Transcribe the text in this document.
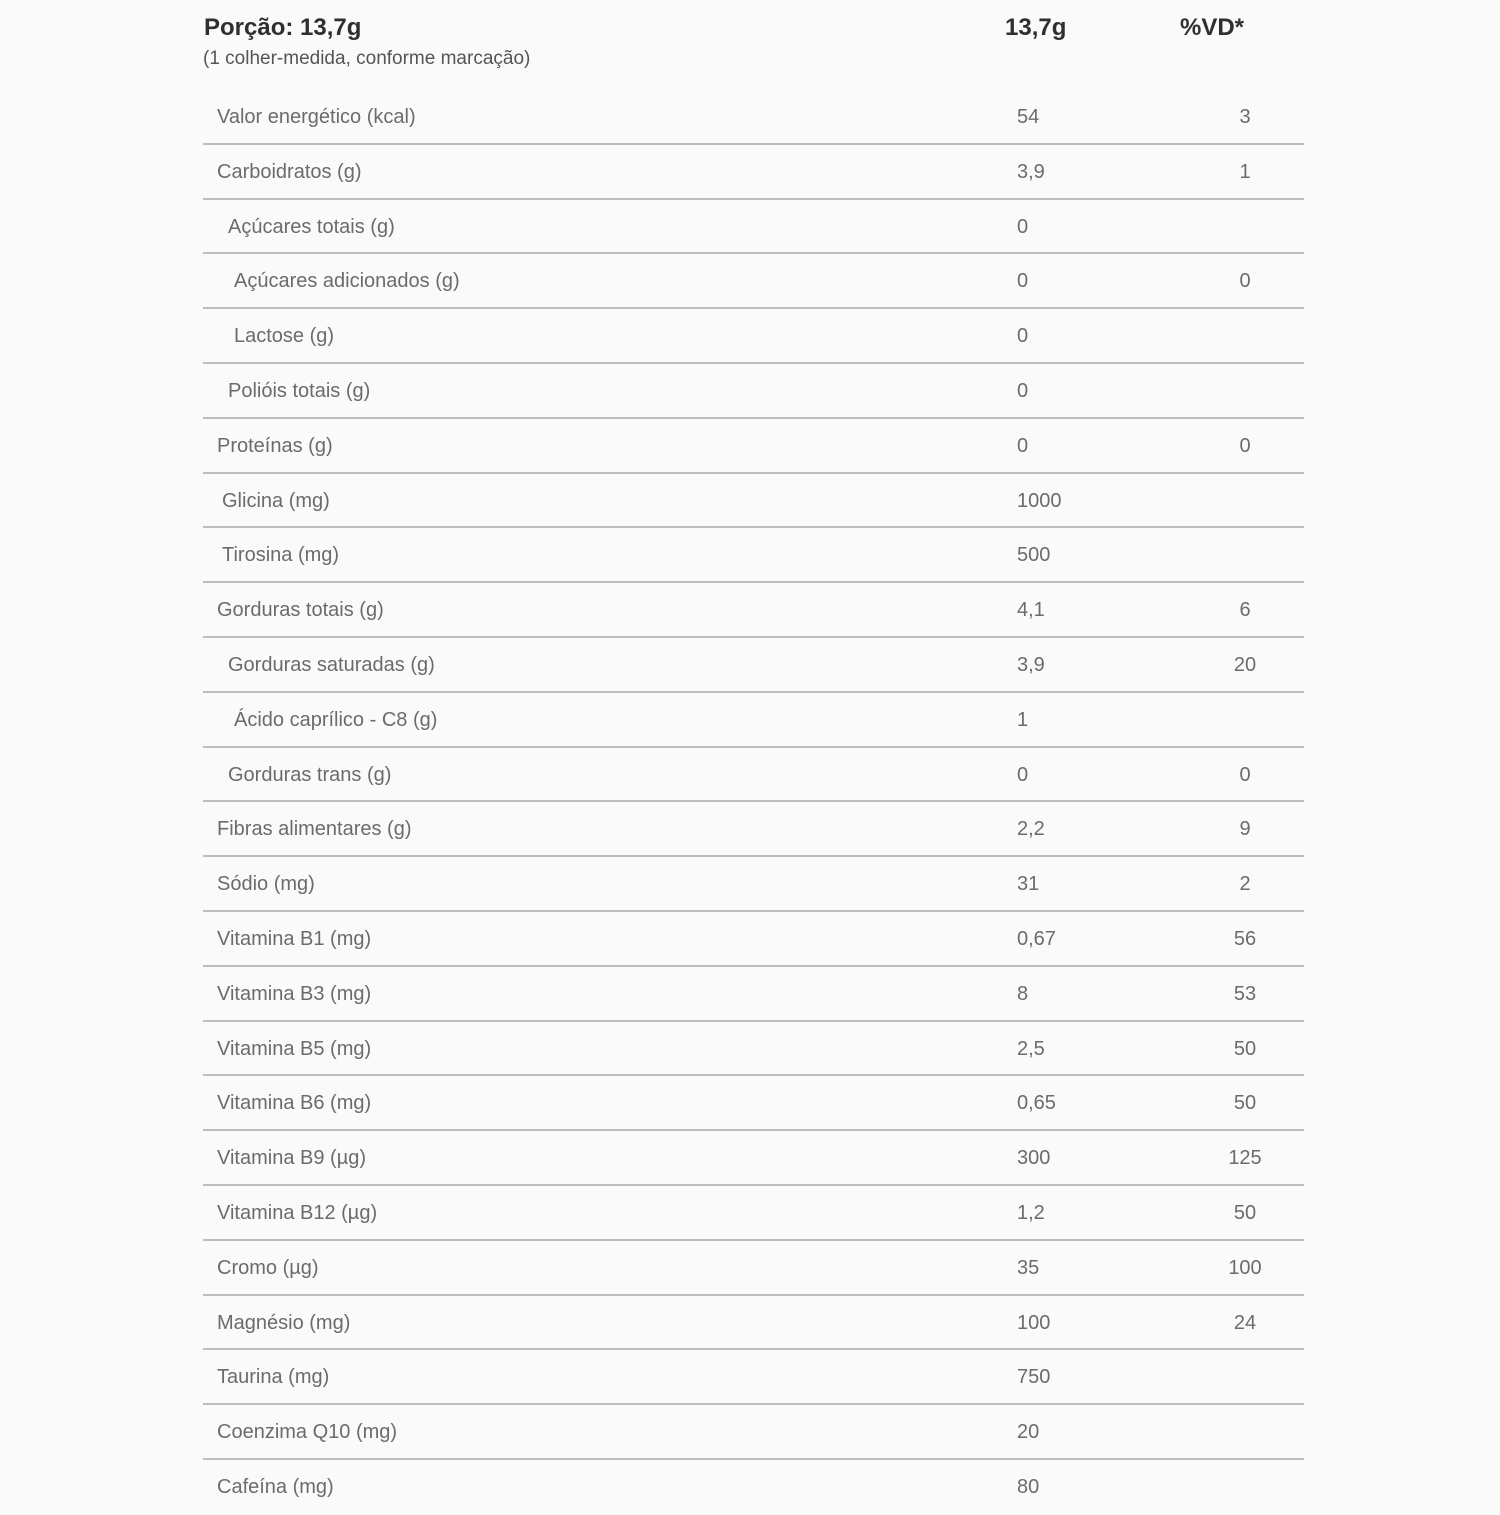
Porção: 13,7g
(1 colher-medida, conforme marcação)
13,7g	%VD*
Valor energético (kcal)	54	3
Carboidratos (g)	3,9	1
Açúcares totais (g)	0
Açúcares adicionados (g)	0	0
Lactose (g)	0
Polióis totais (g)	0
Proteínas (g)	0	0
Glicina (mg)	1000
Tirosina (mg)	500
Gorduras totais (g)	4,1	6
Gorduras saturadas (g)	3,9	20
Ácido caprílico - C8 (g)	1
Gorduras trans (g)	0	0
Fibras alimentares (g)	2,2	9
Sódio (mg)	31	2
Vitamina B1 (mg)	0,67	56
Vitamina B3 (mg)	8	53
Vitamina B5 (mg)	2,5	50
Vitamina B6 (mg)	0,65	50
Vitamina B9 (µg)	300	125
Vitamina B12 (µg)	1,2	50
Cromo (µg)	35	100
Magnésio (mg)	100	24
Taurina (mg)	750
Coenzima Q10 (mg)	20
Cafeína (mg)	80
